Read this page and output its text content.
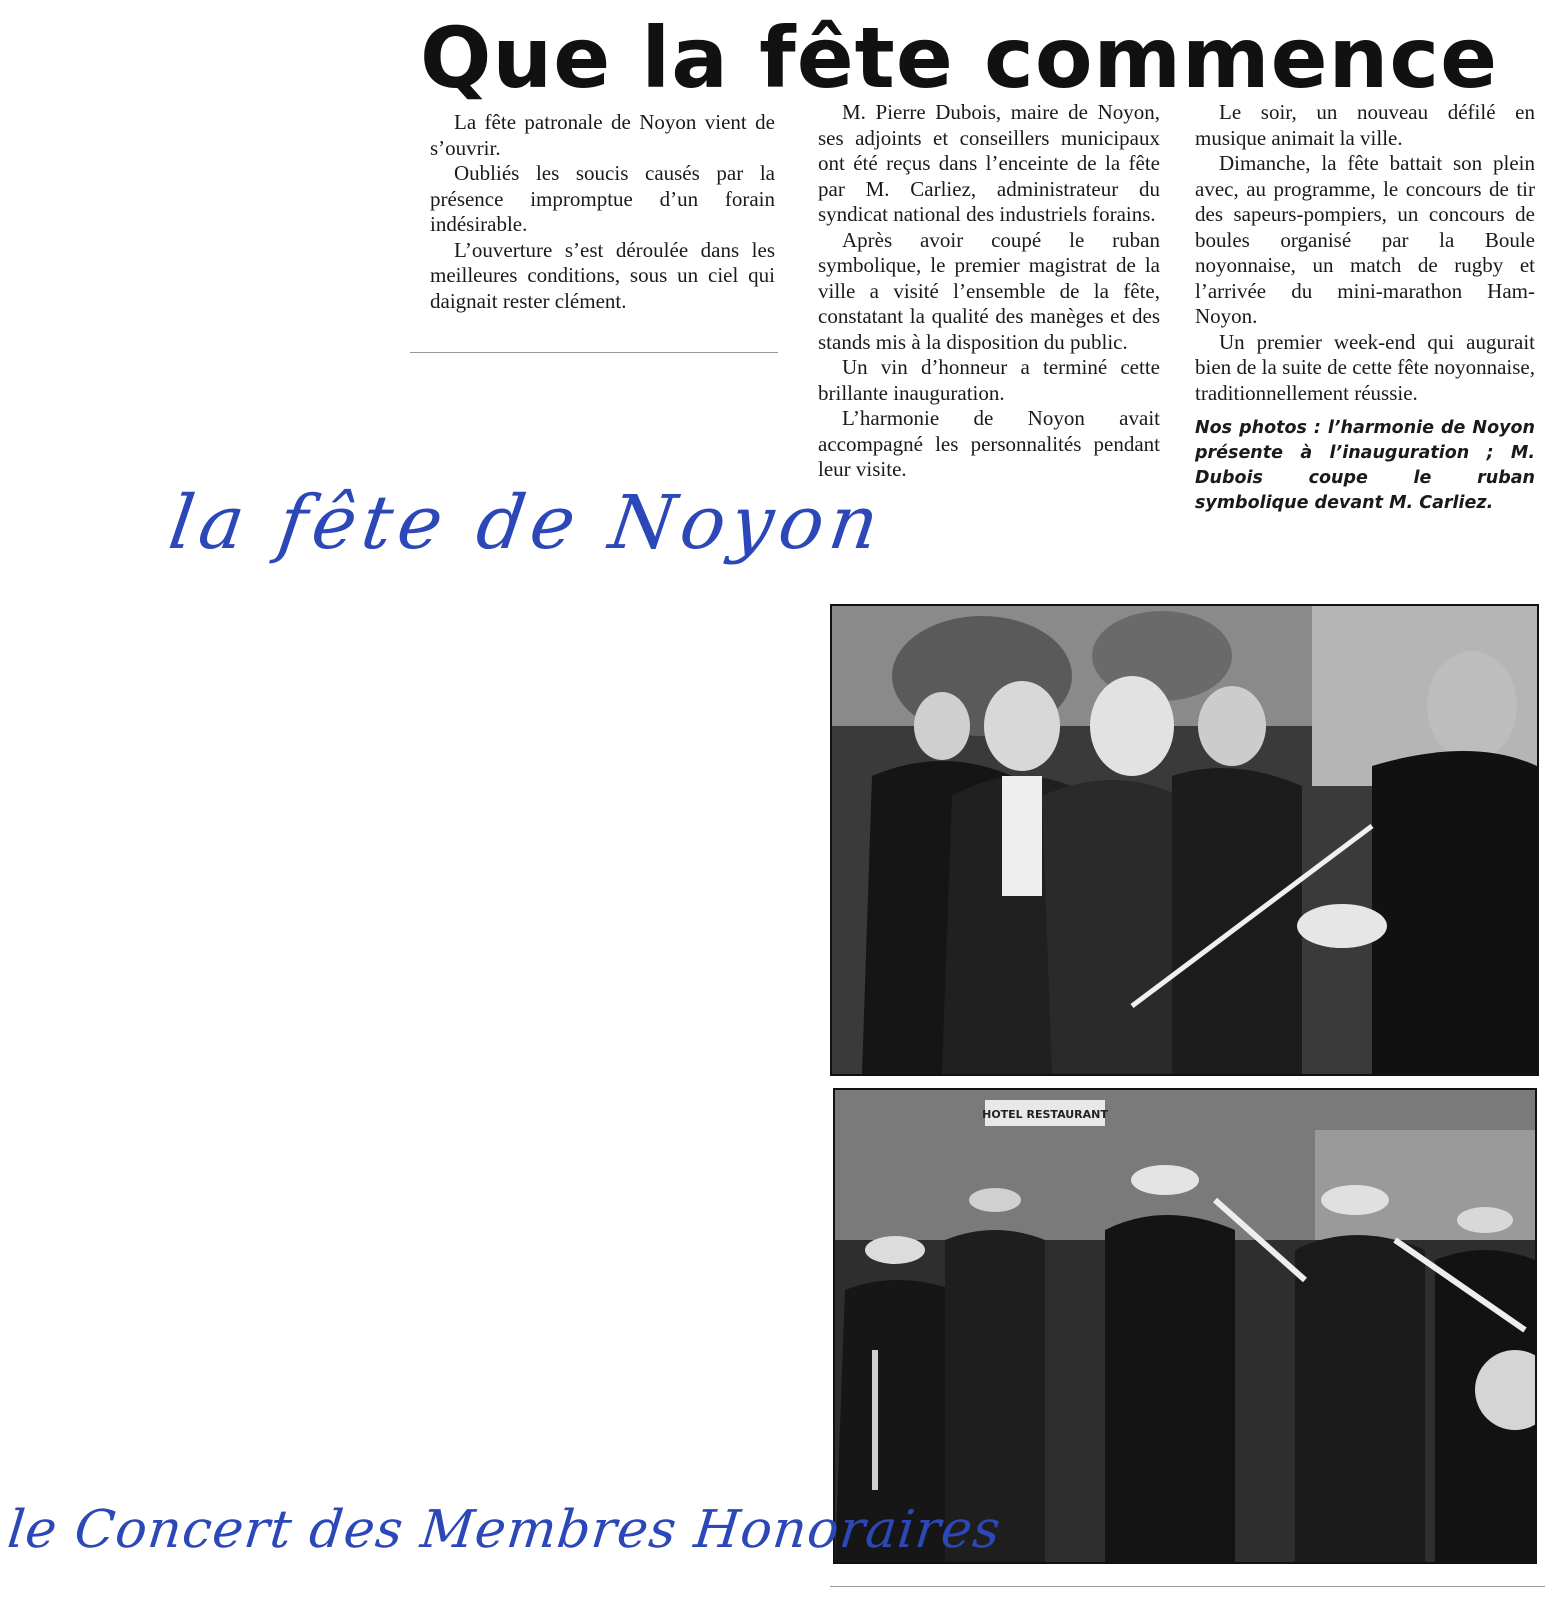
Que la fête commence

La fête patronale de Noyon vient de s’ouvrir.

Oubliés les soucis causés par la présence impromptue d’un forain indésirable.

L’ouverture s’est déroulée dans les meilleures conditions, sous un ciel qui daignait rester clément.

M. Pierre Dubois, maire de Noyon, ses adjoints et conseillers municipaux ont été reçus dans l’enceinte de la fête par M. Carliez, administrateur du syndicat national des industriels forains.

Après avoir coupé le ruban symbolique, le premier magistrat de la ville a visité l’ensemble de la fête, constatant la qualité des manèges et des stands mis à la disposition du public.

Un vin d’honneur a terminé cette brillante inauguration.

L’harmonie de Noyon avait accompagné les personnalités pendant leur visite.

Le soir, un nouveau défilé en musique animait la ville.

Dimanche, la fête battait son plein avec, au programme, le concours de tir des sapeurs-pompiers, un concours de boules organisé par la Boule noyonnaise, un match de rugby et l’arrivée du mini-marathon Ham-Noyon.

Un premier week-end qui augurait bien de la suite de cette fête noyonnaise, traditionnellement réussie.

Nos photos : l’harmonie de Noyon présente à l’inauguration ; M. Dubois coupe le ruban symbolique devant M. Carliez.
HOTEL RESTAURANT
la fête de Noyon
le Concert des Membres Honoraires
